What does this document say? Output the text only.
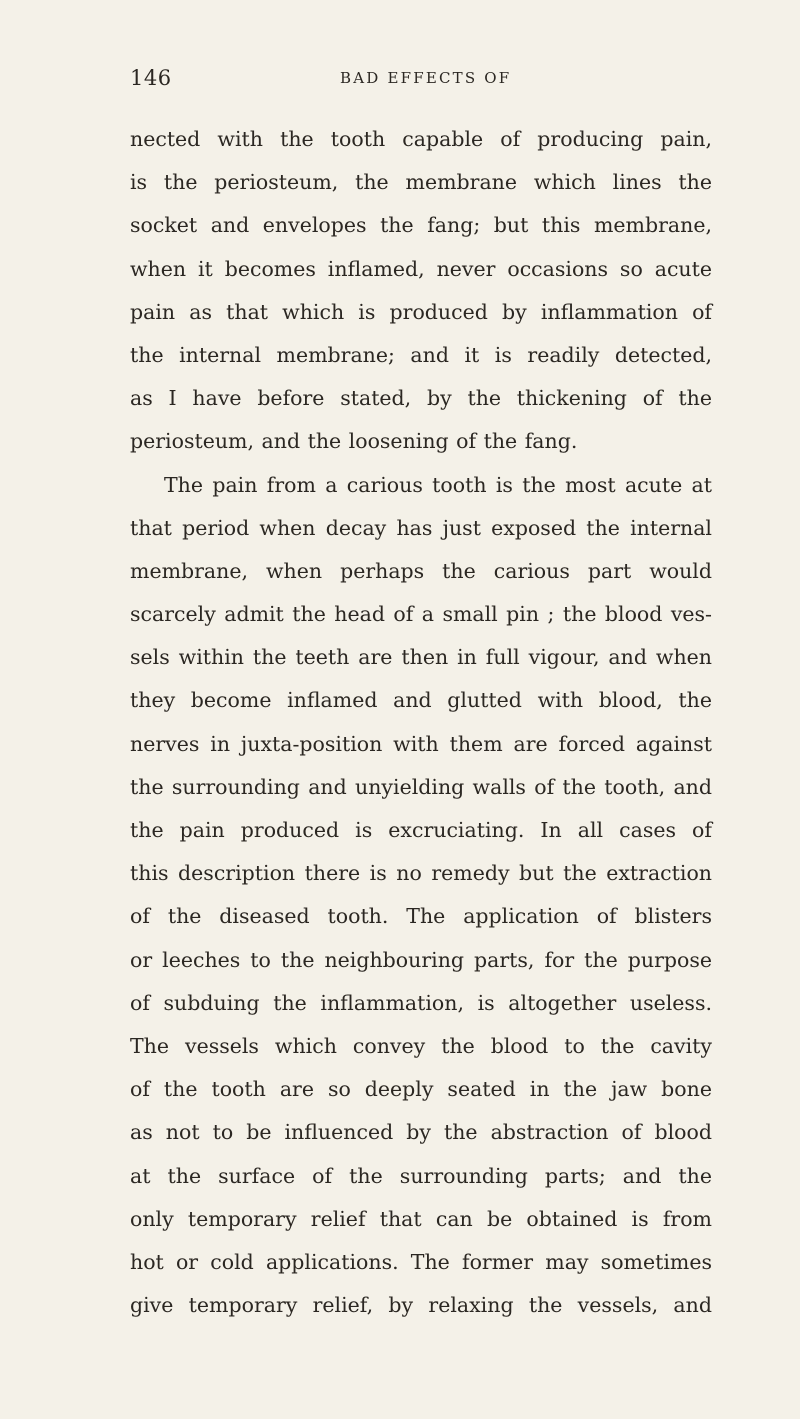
146	BAD EFFECTS OF
nected with the tooth capable of producing pain,
is the periosteum, the membrane which lines the
socket and envelopes the fang; but this membrane,
when it becomes inflamed, never occasions so acute
pain as that which is produced by inflammation of
the internal membrane; and it is readily detected,
as I have before stated, by the thickening of the
periosteum, and the loosening of the fang.
The pain from a carious tooth is the most acute at
that period when decay has just exposed the internal
membrane, when perhaps the carious part would
scarcely admit the head of a small pin ; the blood ves-
sels within the teeth are then in full vigour, and when
they become inflamed and glutted with blood, the
nerves in juxta-position with them are forced against
the surrounding and unyielding walls of the tooth, and
the pain produced is excruciating. In all cases of
this description there is no remedy but the extraction
of the diseased tooth. The application of blisters
or leeches to the neighbouring parts, for the purpose
of subduing the inflammation, is altogether useless.
The vessels which convey the blood to the cavity
of the tooth are so deeply seated in the jaw bone
as not to be influenced by the abstraction of blood
at the surface of the surrounding parts; and the
only temporary relief that can be obtained is from
hot or cold applications. The former may sometimes
give temporary relief, by relaxing the vessels, and
